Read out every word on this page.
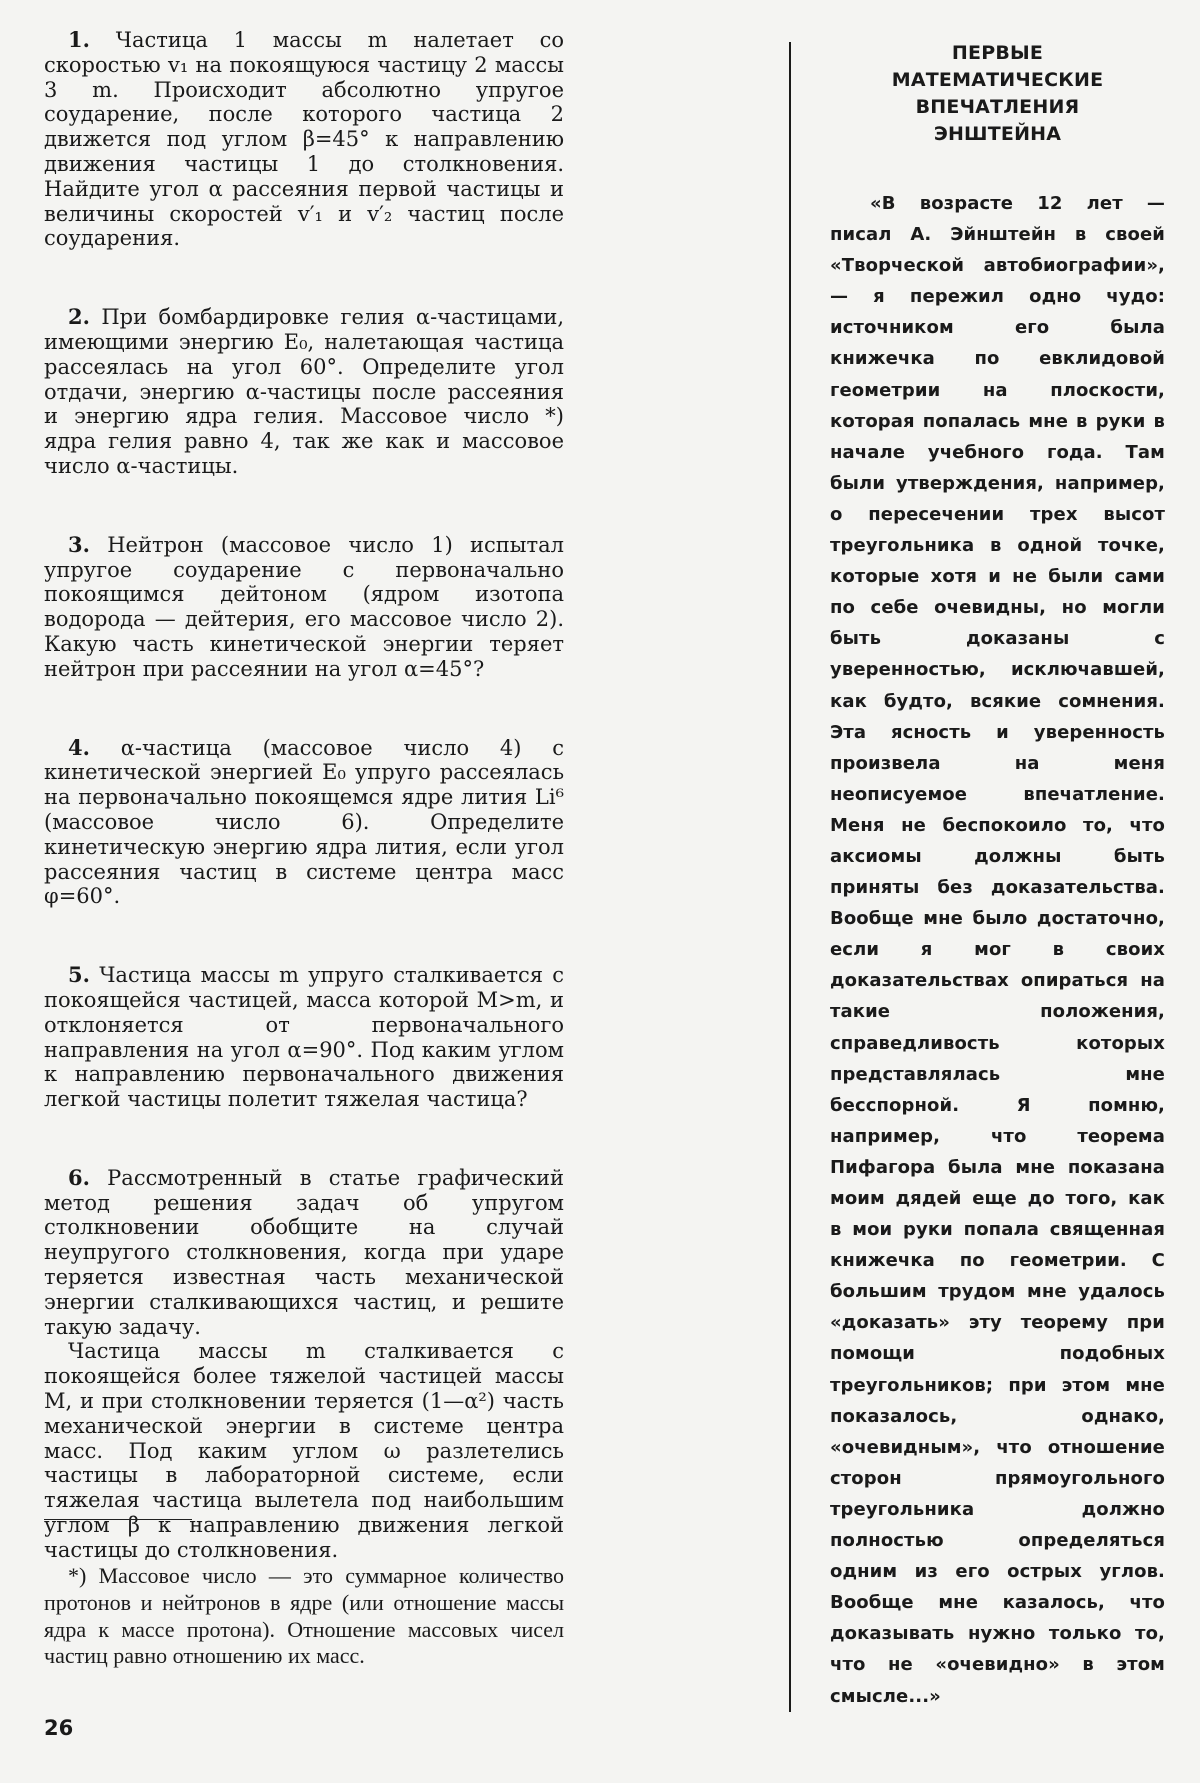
1. Частица 1 массы m налетает со скоростью v₁ на покоящуюся частицу 2 массы 3 m. Происходит абсолютно упругое соударение, после которого частица 2 движется под углом β=45° к направлению движения частицы 1 до столкновения. Найдите угол α рассеяния первой частицы и величины скоростей v′₁ и v′₂ частиц после соударения.

2. При бомбардировке гелия α-частицами, имеющими энергию E₀, налетающая частица рассеялась на угол 60°. Определите угол отдачи, энергию α-частицы после рассеяния и энергию ядра гелия. Массовое число *) ядра гелия равно 4, так же как и массовое число α-частицы.

3. Нейтрон (массовое число 1) испытал упругое соударение с первоначально покоящимся дейтоном (ядром изотопа водорода — дейтерия, его массовое число 2). Какую часть кинетической энергии теряет нейтрон при рассеянии на угол α=45°?

4. α-частица (массовое число 4) с кинетической энергией E₀ упруго рассеялась на первоначально покоящемся ядре лития Li⁶ (массовое число 6). Определите кинетическую энергию ядра лития, если угол рассеяния частиц в системе центра масс φ=60°.

5. Частица массы m упруго сталкивается с покоящейся частицей, масса которой M>m, и отклоняется от первоначального направления на угол α=90°. Под каким углом к направлению первоначального движения легкой частицы полетит тяжелая частица?

6. Рассмотренный в статье графический метод решения задач об упругом столкновении обобщите на случай неупругого столкновения, когда при ударе теряется известная часть механической энергии сталкивающихся частиц, и решите такую задачу.

Частица массы m сталкивается с покоящейся более тяжелой частицей массы M, и при столкновении теряется (1—α²) часть механической энергии в системе центра масс. Под каким углом ω разлетелись частицы в лабораторной системе, если тяжелая частица вылетела под наибольшим углом β к направлению движения легкой частицы до столкновения.

*) Массовое число — это суммарное количество протонов и нейтронов в ядре (или отношение массы ядра к массе протона). Отношение массовых чисел частиц равно отношению их масс.

26
ПЕРВЫЕ
МАТЕМАТИЧЕСКИЕ
ВПЕЧАТЛЕНИЯ
ЭНШТЕЙНА

«В возрасте 12 лет — писал А. Эйнштейн в своей «Творческой автобиографии», — я пережил одно чудо: источником его была книжечка по евклидовой геометрии на плоскости, которая попалась мне в руки в начале учебного года. Там были утверждения, например, о пересечении трех высот треугольника в одной точке, которые хотя и не были сами по себе очевидны, но могли быть доказаны с уверенностью, исключавшей, как будто, всякие сомнения. Эта ясность и уверенность произвела на меня неописуемое впечатление. Меня не беспокоило то, что аксиомы должны быть приняты без доказательства. Вообще мне было достаточно, если я мог в своих доказательствах опираться на такие положения, справедливость которых представлялась мне бесспорной. Я помню, например, что теорема Пифагора была мне показана моим дядей еще до того, как в мои руки попала священная книжечка по геометрии. С большим трудом мне удалось «доказать» эту теорему при помощи подобных треугольников; при этом мне показалось, однако, «очевидным», что отношение сторон прямоугольного треугольника должно полностью определяться одним из его острых углов. Вообще мне казалось, что доказывать нужно только то, что не «очевидно» в этом смысле...»
